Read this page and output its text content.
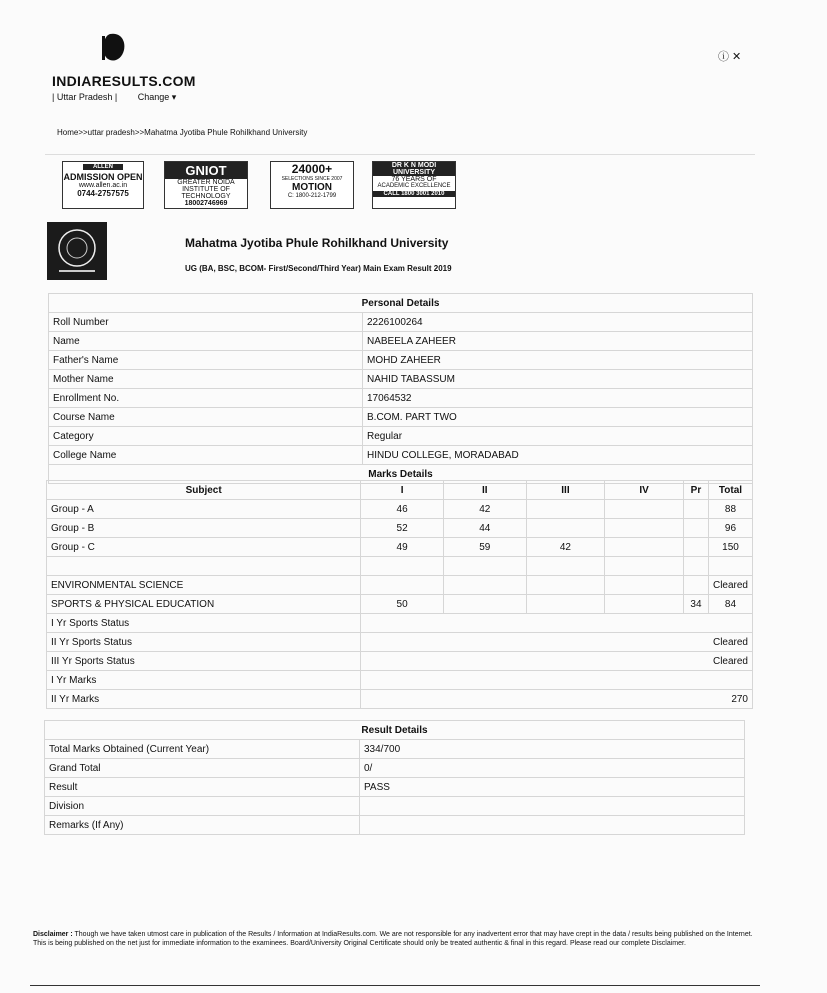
INDIARESULTS.COM
| Uttar Pradesh | Change ▾
ⓘ ✕
Home>>uttar pradesh>>Mahatma Jyotiba Phule Rohilkhand University
ALLEN
ADMISSION OPEN
www.allen.ac.in
0744-2757575
GNIOT
GREATER NOIDA
INSTITUTE OF
TECHNOLOGY
18002746969
24000+
SELECTIONS SINCE 2007
MOTION
C: 1800-212-1799
DR K N MODI UNIVERSITY
76 YEARS OF
ACADEMIC EXCELLENCE
CALL 1800 3001 2010
Mahatma Jyotiba Phule Rohilkhand University
UG (BA, BSC, BCOM- First/Second/Third Year) Main Exam Result 2019
Personal Details	
Roll Number	2226100264
Name	NABEELA ZAHEER
Father's Name	MOHD ZAHEER
Mother Name	NAHID TABASSUM
Enrollment No.	17064532
Course Name	B.COM. PART TWO
Category	Regular
College Name	HINDU COLLEGE, MORADABAD
Marks Details	
Subject	I	II	III	IV	Pr	Total
Group - A	46	42				88
Group - B	52	44				96
Group - C	49	59	42			150

ENVIRONMENTAL SCIENCE						Cleared
SPORTS & PHYSICAL EDUCATION	50				34	84
I Yr Sports Status						
II Yr Sports Status	Cleared					
III Yr Sports Status	Cleared					
I Yr Marks						
II Yr Marks	270					
Result Details	
Total Marks Obtained (Current Year)	334/700
Grand Total	0/
Result	PASS
Division	
Remarks (If Any)	
Disclaimer : Though we have taken utmost care in publication of the Results / Information at IndiaResults.com. We are not responsible for any inadvertent error that may have crept in the data / results being published on the Internet. This is being published on the net just for immediate information to the examinees. Board/University Original Certificate should only be treated authentic & final in this regard. Please read our complete Disclaimer.
